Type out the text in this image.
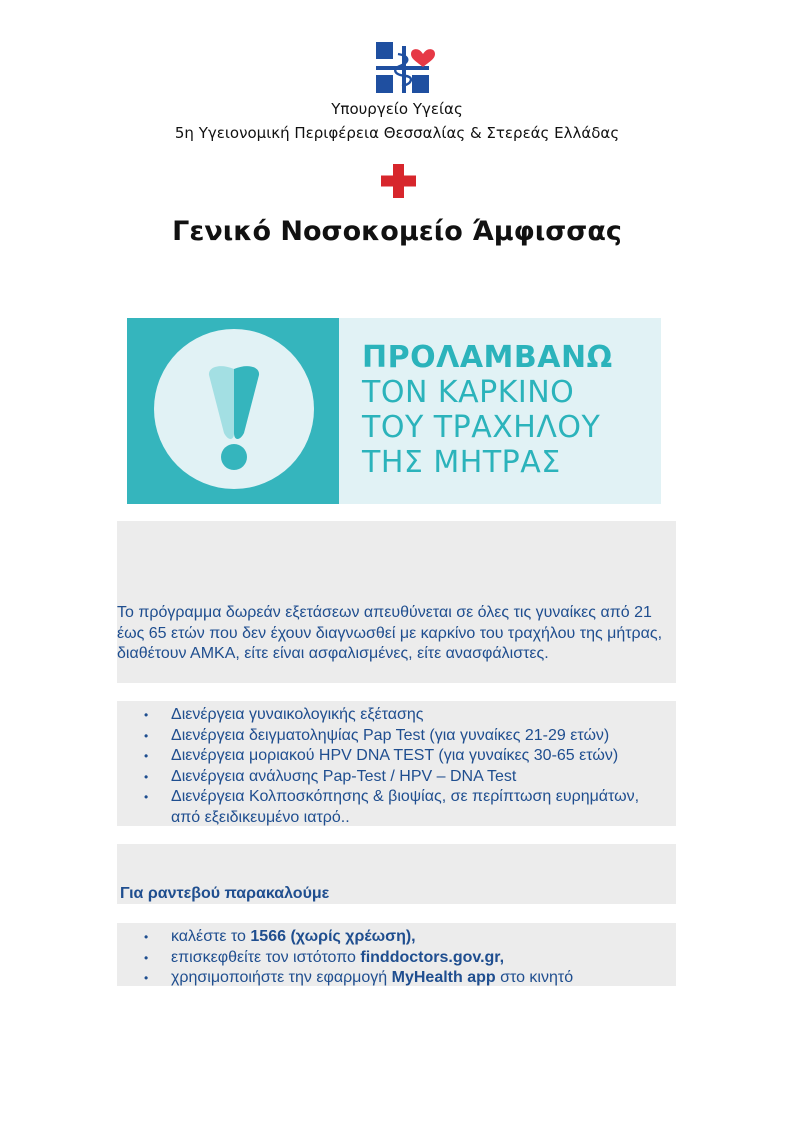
Υπουργείο Υγείας
5η Υγειονομική Περιφέρεια Θεσσαλίας & Στερεάς Ελλάδας
Γενικό Νοσοκομείο Άμφισσας
ΠΡΟΛΑΜΒΑΝΩ
ΤΟΝ ΚΑΡΚΙΝΟ
ΤΟΥ ΤΡΑΧΗΛΟΥ
ΤΗΣ ΜΗΤΡΑΣ
Το πρόγραμμα δωρεάν εξετάσεων απευθύνεται σε όλες τις γυναίκες από 21 έως 65 ετών που δεν έχουν διαγνωσθεί με καρκίνο του τραχήλου της μήτρας, διαθέτουν ΑΜΚΑ, είτε είναι ασφαλισμένες, είτε ανασφάλιστες.
• Διενέργεια γυναικολογικής εξέτασης
• Διενέργεια δειγματοληψίας Pap Test (για γυναίκες 21-29 ετών)
• Διενέργεια μοριακού HPV DNA TEST (για γυναίκες 30-65 ετών)
• Διενέργεια ανάλυσης Pap-Test / HPV – DNA Test
• Διενέργεια Κολποσκόπησης & βιοψίας, σε περίπτωση ευρημάτων, από εξειδικευμένο ιατρό..
Για ραντεβού παρακαλούμε
• καλέστε το 1566 (χωρίς χρέωση),
• επισκεφθείτε τον ιστότοπο finddoctors.gov.gr,
• χρησιμοποιήστε την εφαρμογή MyHealth app στο κινητό
